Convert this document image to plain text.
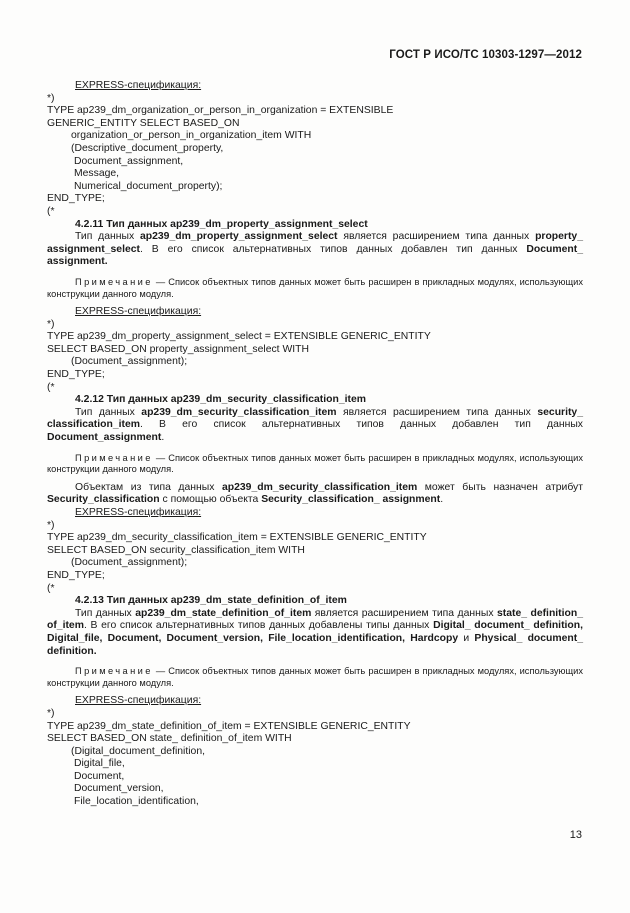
ГОСТ Р ИСО/ТС 10303-1297—2012
EXPRESS-спецификация:
*)
TYPE ap239_dm_organization_or_person_in_organization = EXTENSIBLE
GENERIC_ENTITY SELECT BASED_ON
organization_or_person_in_organization_item WITH
(Descriptive_document_property,
Document_assignment,
Message,
Numerical_document_property);
END_TYPE;
(*
4.2.11 Тип данных ap239_dm_property_assignment_select
Тип данных ap239_dm_property_assignment_select является расширением типа данных property_ assignment_select. В его список альтернативных типов данных добавлен тип данных Document_ assignment.
Примечание — Список объектных типов данных может быть расширен в прикладных модулях, использующих конструкции данного модуля.
EXPRESS-спецификация:
*)
TYPE ap239_dm_property_assignment_select = EXTENSIBLE GENERIC_ENTITY
SELECT BASED_ON property_assignment_select WITH
(Document_assignment);
END_TYPE;
(*
4.2.12 Тип данных ap239_dm_security_classification_item
Тип данных ap239_dm_security_classification_item является расширением типа данных security_ classification_item. В его список альтернативных типов данных добавлен тип данных Document_assignment.
Примечание — Список объектных типов данных может быть расширен в прикладных модулях, использующих конструкции данного модуля.
Объектам из типа данных ap239_dm_security_classification_item может быть назначен атрибут Security_classification с помощью объекта Security_classification_ assignment.
EXPRESS-спецификация:
*)
TYPE ap239_dm_security_classification_item = EXTENSIBLE GENERIC_ENTITY
SELECT BASED_ON security_classification_item WITH
(Document_assignment);
END_TYPE;
(*
4.2.13 Тип данных ap239_dm_state_definition_of_item
Тип данных ap239_dm_state_definition_of_item является расширением типа данных state_ definition_ of_item. В его список альтернативных типов данных добавлены типы данных Digital_ document_ definition, Digital_file, Document, Document_version, File_location_identification, Hardcopy и Physical_ document_ definition.
Примечание — Список объектных типов данных может быть расширен в прикладных модулях, использующих конструкции данного модуля.
EXPRESS-спецификация:
*)
TYPE ap239_dm_state_definition_of_item = EXTENSIBLE GENERIC_ENTITY
SELECT BASED_ON state_ definition_of_item WITH
(Digital_document_definition,
Digital_file,
Document,
Document_version,
File_location_identification,
13
